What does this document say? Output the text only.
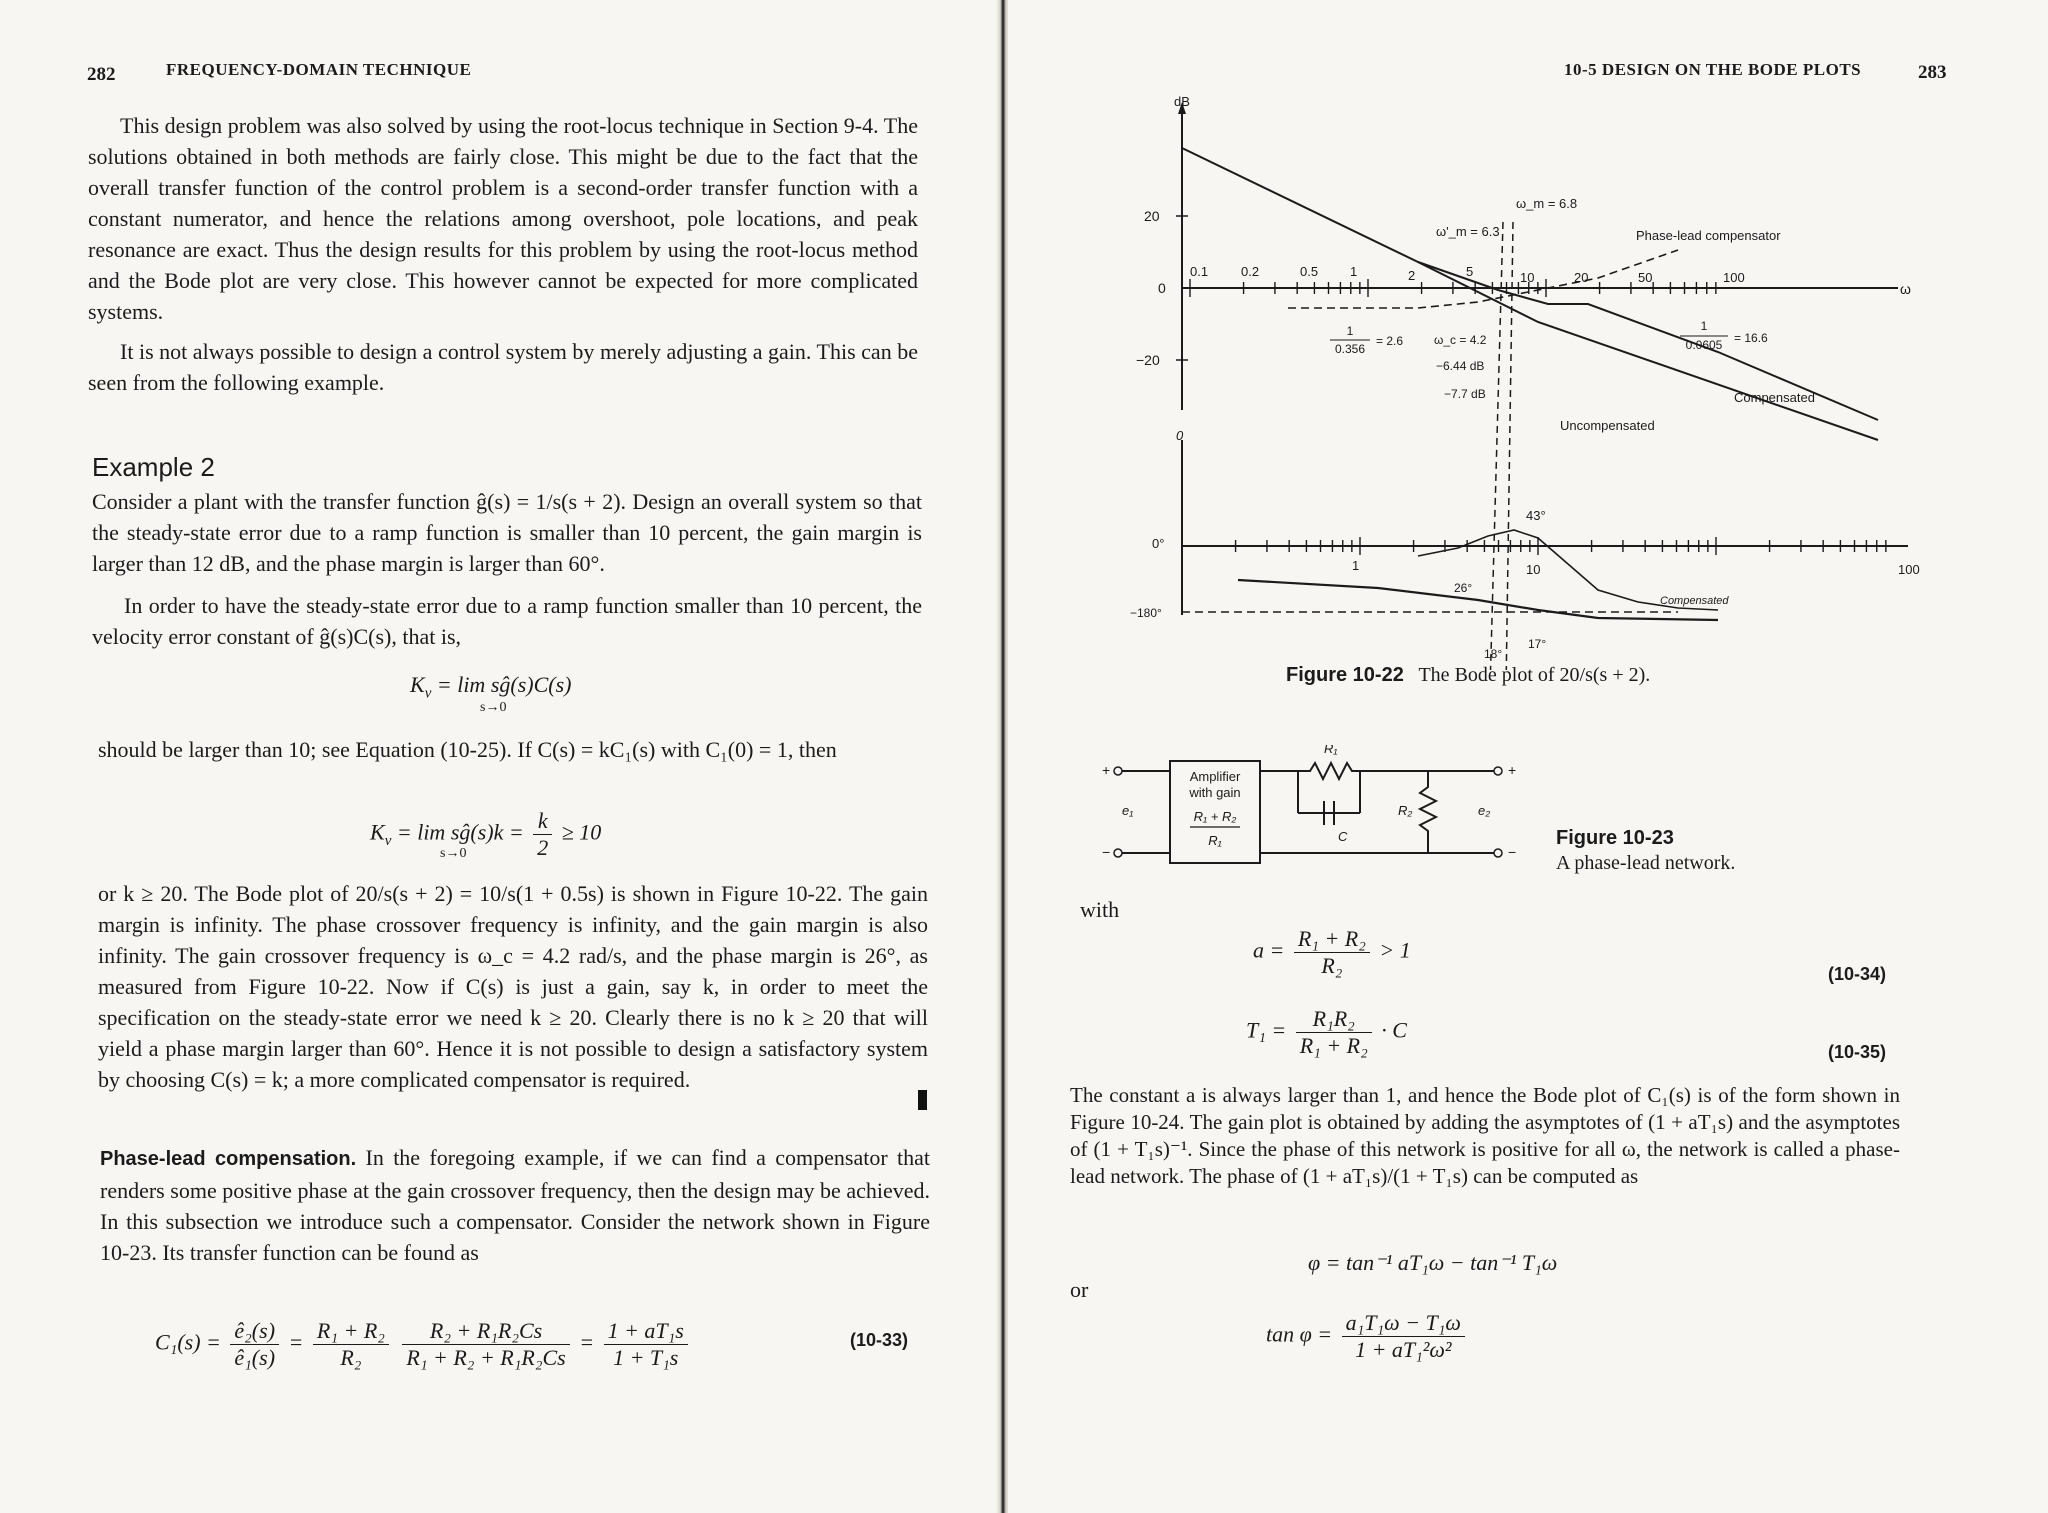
282	FREQUENCY-DOMAIN TECHNIQUE
This design problem was also solved by using the root-locus technique in Section 9-4. The solutions obtained in both methods are fairly close. This might be due to the fact that the overall transfer function of the control problem is a second-order transfer function with a constant numerator, and hence the relations among overshoot, pole locations, and peak resonance are exact. Thus the design results for this problem by using the root-locus method and the Bode plot are very close. This however cannot be expected for more complicated systems.
It is not always possible to design a control system by merely adjusting a gain. This can be seen from the following example.
Example 2
Consider a plant with the transfer function ĝ(s) = 1/s(s + 2). Design an overall system so that the steady-state error due to a ramp function is smaller than 10 percent, the gain margin is larger than 12 dB, and the phase margin is larger than 60°.
In order to have the steady-state error due to a ramp function smaller than 10 percent, the velocity error constant of ĝ(s)C(s), that is,
$K_v = \lim$ sĝ(s)C(s)
s→0
should be larger than 10; see Equation (10-25). If C(s) = kC₁(s) with C₁(0) = 1, then
$K_v = \lim$ sĝ(s)k = $\frac{k}{2} \ge 10$
s→0
or k ≥ 20. The Bode plot of 20/s(s + 2) = 10/s(1 + 0.5s) is shown in Figure 10-22. The gain margin is infinity. The phase crossover frequency is infinity, and the gain margin is also infinity. The gain crossover frequency is ω_c = 4.2 rad/s, and the phase margin is 26°, as measured from Figure 10-22. Now if C(s) is just a gain, say k, in order to meet the specification on the steady-state error we need k ≥ 20. Clearly there is no k ≥ 20 that will yield a phase margin larger than 60°. Hence it is not possible to design a satisfactory system by choosing C(s) = k; a more complicated compensator is required.
Phase-lead compensation. In the foregoing example, if we can find a compensator that renders some positive phase at the gain crossover frequency, then the design may be achieved. In this subsection we introduce such a compensator. Consider the network shown in Figure 10-23. Its transfer function can be found as
$C_1(s) = \frac{\text{ê₂(s)}}{\text{ê₁(s)}} = \frac{\text{R₁ + R₂}}{\text{R₂}}$
$\frac{\text{R₂ + R₁R₂Cs}}{\text{R₁ + R₂ + R₁R₂Cs}} = \frac{\text{1 + aT₁s}}{\text{1 + T₁s}}$	(10-33)
10-5 DESIGN ON THE BODE PLOTS	283
dB
ω
20
0
−20
0.1	0.2	0.5 1	2	5	10	20	50	100
ω_m = 6.8
ω'_m = 6.3	Phase-lead compensator
Compensated
Uncompensated
1
0.356
= 2.6	ω_c = 4.2
−6.44 dB
−7.7 dB
1
0.0605 = 16.6
0
0°
−180°
1	10	100
43°
26°
18°
17°
Compensated
Figure 10-22 The Bode plot of 20/s(s + 2).
Amplifier
with gain
R₁ + R₂
R₁
+
−
e₁
R₁
C
R₂
+
−
e₂
Figure 10-23
A phase-lead network.
with
$a = \frac{\text{R₁ + R₂}}{\text{R₂}} > 1$
(10-34)
$T_1 = \frac{\text{R₁R₂}}{\text{R₁ + R₂}} \cdot C$
(10-35)
The constant a is always larger than 1, and hence the Bode plot of C₁(s) is of the form shown in Figure 10-24. The gain plot is obtained by adding the asymptotes of (1 + aT₁s) and the asymptotes of (1 + T₁s)⁻¹. Since the phase of this network is positive for all ω, the network is called a phase-lead network. The phase of (1 + aT₁s)/(1 + T₁s) can be computed as
φ = tan⁻¹ aT₁ω − tan⁻¹ T₁ω
or
$\tan \varphi = \frac{\text{a₁T₁ω − T₁ω}}{\text{1 + aT₁²ω²}}$
